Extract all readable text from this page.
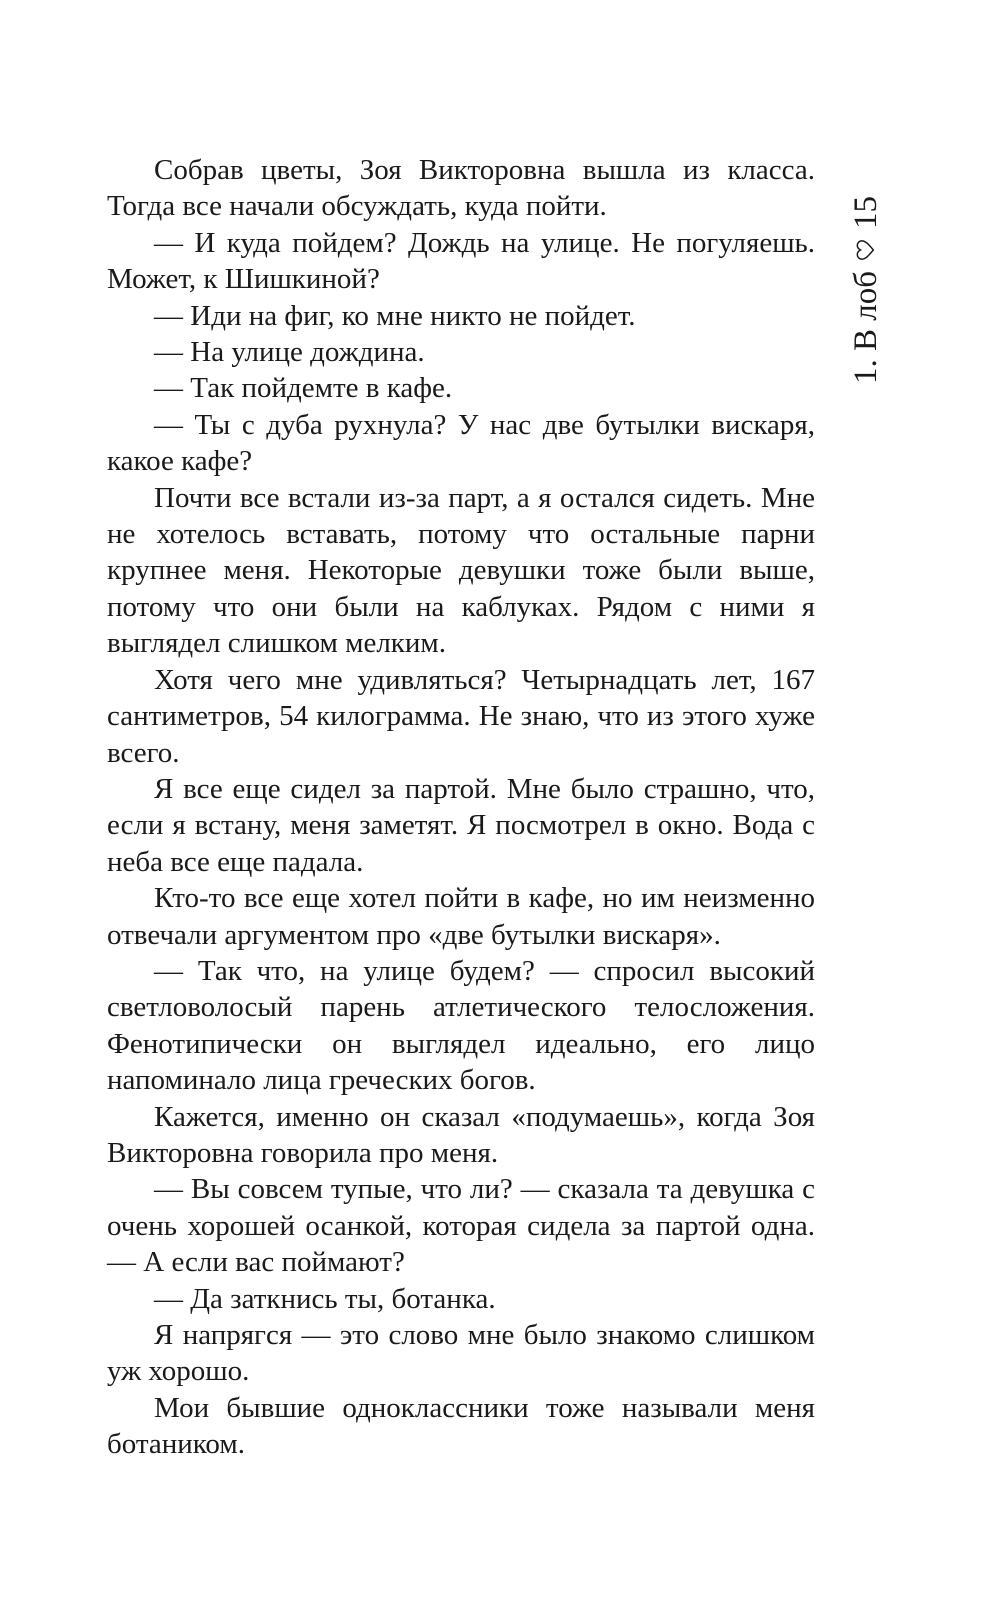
1. В лоб15

Собрав цветы, Зоя Викторовна вышла из класса. Тогда все начали обсуждать, куда пойти.

— И куда пойдем? Дождь на улице. Не погуляешь. Может, к Шишкиной?

— Иди на фиг, ко мне никто не пойдет.

— На улице дождина.

— Так пойдемте в кафе.

— Ты с дуба рухнула? У нас две бутылки вискаря, какое кафе?

Почти все встали из-за парт, а я остался сидеть. Мне не хотелось вставать, потому что остальные парни крупнее меня. Некоторые девушки тоже были выше, потому что они были на каблуках. Рядом с ними я выглядел слишком мелким.

Хотя чего мне удивляться? Четырнадцать лет, 167 сантиметров, 54 килограмма. Не знаю, что из этого хуже всего.

Я все еще сидел за партой. Мне было страшно, что, если я встану, меня заметят. Я посмотрел в окно. Вода с неба все еще падала.

Кто-то все еще хотел пойти в кафе, но им неизменно отвечали аргументом про «две бутылки вискаря».

— Так что, на улице будем? — спросил высокий светловолосый парень атлетического телосложения. Фенотипически он выглядел идеально, его лицо напоминало лица греческих богов.

Кажется, именно он сказал «подумаешь», когда Зоя Викторовна говорила про меня.

— Вы совсем тупые, что ли? — сказала та девушка с очень хорошей осанкой, которая сидела за партой одна. — А если вас поймают?

— Да заткнись ты, ботанка.

Я напрягся — это слово мне было знакомо слишком уж хорошо.

Мои бывшие одноклассники тоже называли меня ботаником.
